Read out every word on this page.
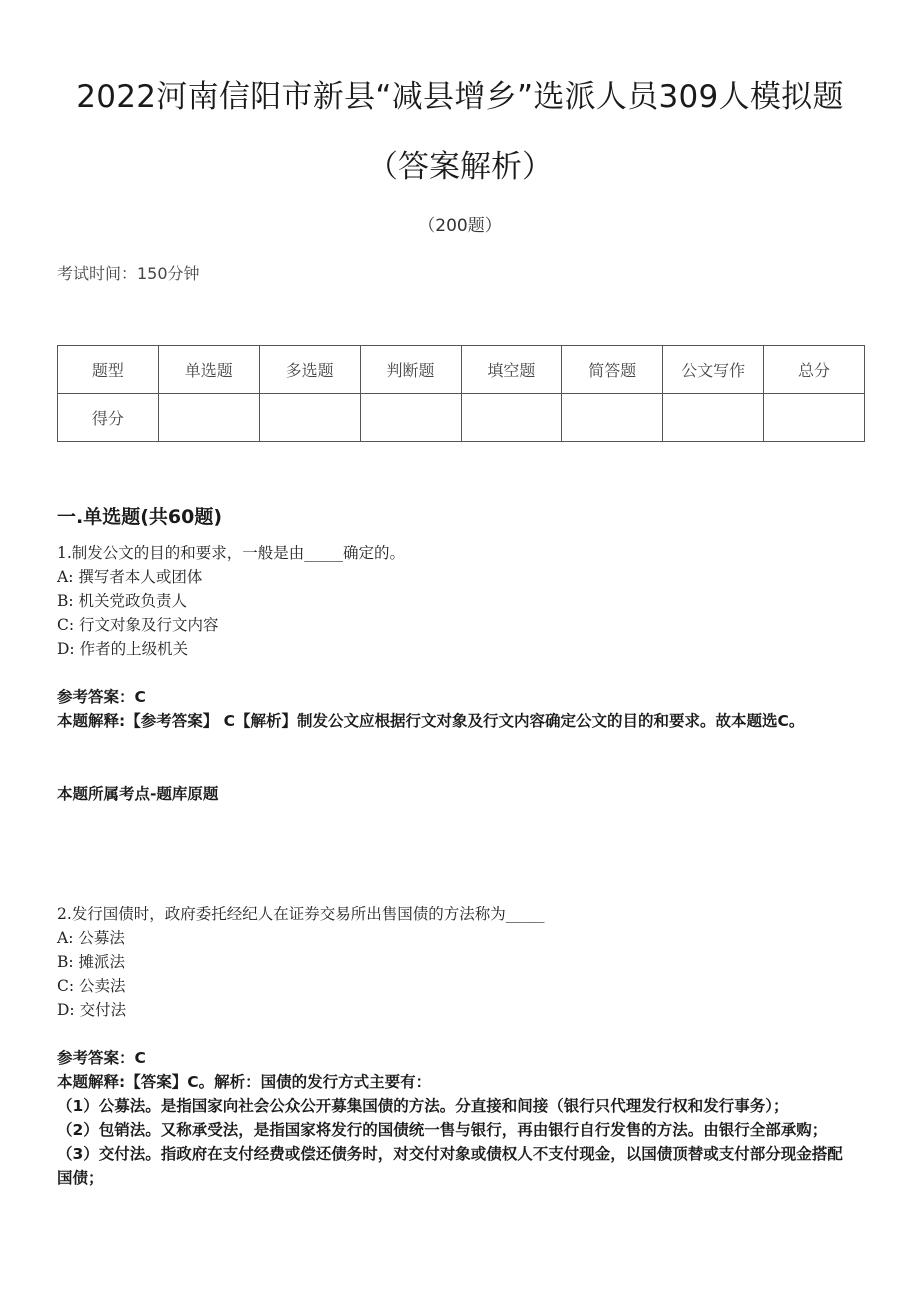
2022河南信阳市新县“减县增乡”选派人员309人模拟题
（答案解析）
（200题）
考试时间：150分钟
题型	单选题	多选题	判断题	填空题	简答题	公文写作	总分
得分							
一.单选题(共60题)
1.制发公文的目的和要求，一般是由_____确定的。
A: 撰写者本人或团体
B: 机关党政负责人
C: 行文对象及行文内容
D: 作者的上级机关
参考答案：C
本题解释:【参考答案】 C【解析】制发公文应根据行文对象及行文内容确定公文的目的和要求。故本题选C。
本题所属考点-题库原题
2.发行国债时，政府委托经纪人在证券交易所出售国债的方法称为_____
A: 公募法
B: 摊派法
C: 公卖法
D: 交付法
参考答案：C
本题解释:【答案】C。解析：国债的发行方式主要有：
（1）公募法。是指国家向社会公众公开募集国债的方法。分直接和间接（银行只代理发行权和发行事务）；
（2）包销法。又称承受法，是指国家将发行的国债统一售与银行，再由银行自行发售的方法。由银行全部承购；
（3）交付法。指政府在支付经费或偿还债务时，对交付对象或债权人不支付现金，以国债顶替或支付部分现金搭配国债；
